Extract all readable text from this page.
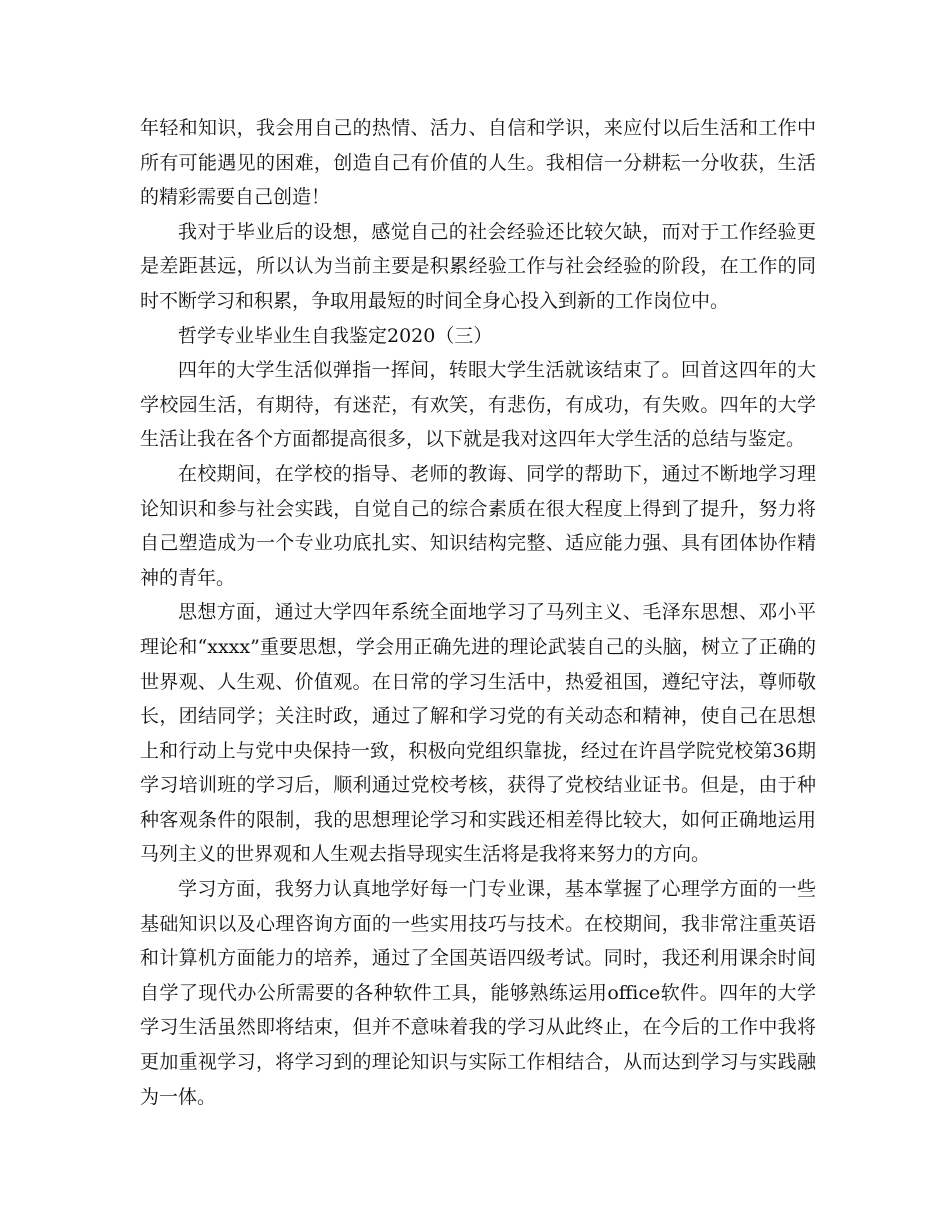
年轻和知识，我会用自己的热情、活力、自信和学识，来应付以后生活和工作中所有可能遇见的困难，创造自己有价值的人生。我相信一分耕耘一分收获，生活的精彩需要自己创造！

我对于毕业后的设想，感觉自己的社会经验还比较欠缺，而对于工作经验更是差距甚远，所以认为当前主要是积累经验工作与社会经验的阶段，在工作的同时不断学习和积累，争取用最短的时间全身心投入到新的工作岗位中。

哲学专业毕业生自我鉴定2020（三）

四年的大学生活似弹指一挥间，转眼大学生活就该结束了。回首这四年的大学校园生活，有期待，有迷茫，有欢笑，有悲伤，有成功，有失败。四年的大学生活让我在各个方面都提高很多，以下就是我对这四年大学生活的总结与鉴定。

在校期间，在学校的指导、老师的教诲、同学的帮助下，通过不断地学习理论知识和参与社会实践，自觉自己的综合素质在很大程度上得到了提升，努力将自己塑造成为一个专业功底扎实、知识结构完整、适应能力强、具有团体协作精神的青年。

思想方面，通过大学四年系统全面地学习了马列主义、毛泽东思想、邓小平理论和“xxxx”重要思想，学会用正确先进的理论武装自己的头脑，树立了正确的世界观、人生观、价值观。在日常的学习生活中，热爱祖国，遵纪守法，尊师敬长，团结同学；关注时政，通过了解和学习党的有关动态和精神，使自己在思想上和行动上与党中央保持一致，积极向党组织靠拢，经过在许昌学院党校第36期学习培训班的学习后，顺利通过党校考核，获得了党校结业证书。但是，由于种种客观条件的限制，我的思想理论学习和实践还相差得比较大，如何正确地运用马列主义的世界观和人生观去指导现实生活将是我将来努力的方向。

学习方面，我努力认真地学好每一门专业课，基本掌握了心理学方面的一些基础知识以及心理咨询方面的一些实用技巧与技术。在校期间，我非常注重英语和计算机方面能力的培养，通过了全国英语四级考试。同时，我还利用课余时间自学了现代办公所需要的各种软件工具，能够熟练运用office软件。四年的大学学习生活虽然即将结束，但并不意味着我的学习从此终止，在今后的工作中我将更加重视学习，将学习到的理论知识与实际工作相结合，从而达到学习与实践融为一体。
